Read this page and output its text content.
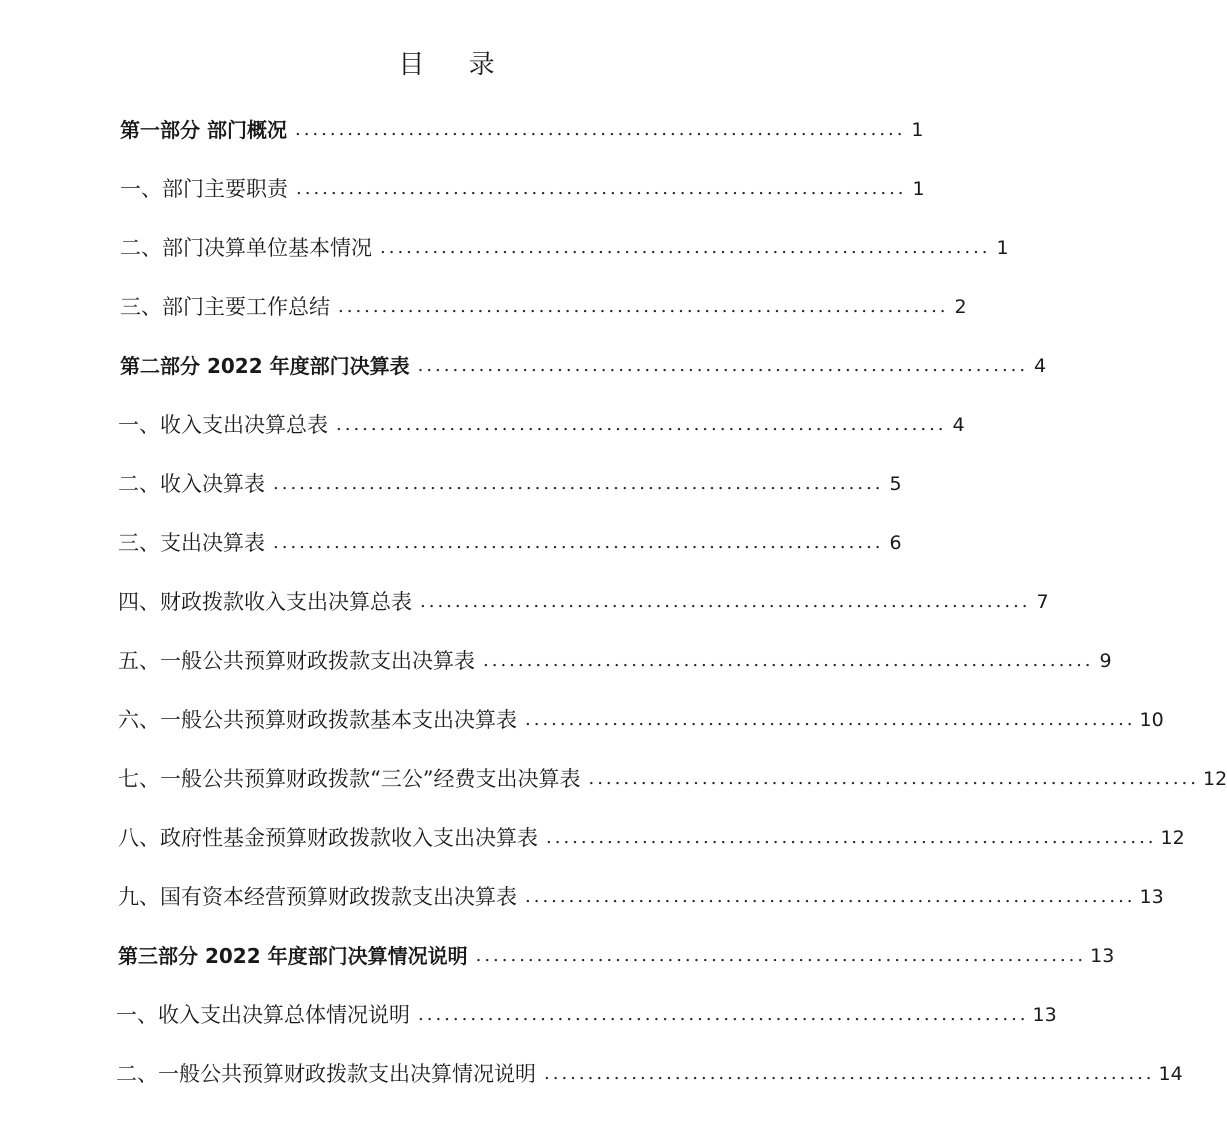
目 录
第一部分 部门概况 ...................................................................... 1
一、部门主要职责 ...................................................................... 1
二、部门决算单位基本情况 ...................................................................... 1
三、部门主要工作总结 ...................................................................... 2
第二部分 2022 年度部门决算表 ...................................................................... 4
一、收入支出决算总表 ...................................................................... 4
二、收入决算表 ...................................................................... 5
三、支出决算表 ...................................................................... 6
四、财政拨款收入支出决算总表 ...................................................................... 7
五、一般公共预算财政拨款支出决算表 ...................................................................... 9
六、一般公共预算财政拨款基本支出决算表 ...................................................................... 10
七、一般公共预算财政拨款“三公”经费支出决算表 ...................................................................... 12
八、政府性基金预算财政拨款收入支出决算表 ...................................................................... 12
九、国有资本经营预算财政拨款支出决算表 ...................................................................... 13
第三部分 2022 年度部门决算情况说明 ...................................................................... 13
一、收入支出决算总体情况说明 ...................................................................... 13
二、一般公共预算财政拨款支出决算情况说明 ...................................................................... 14
